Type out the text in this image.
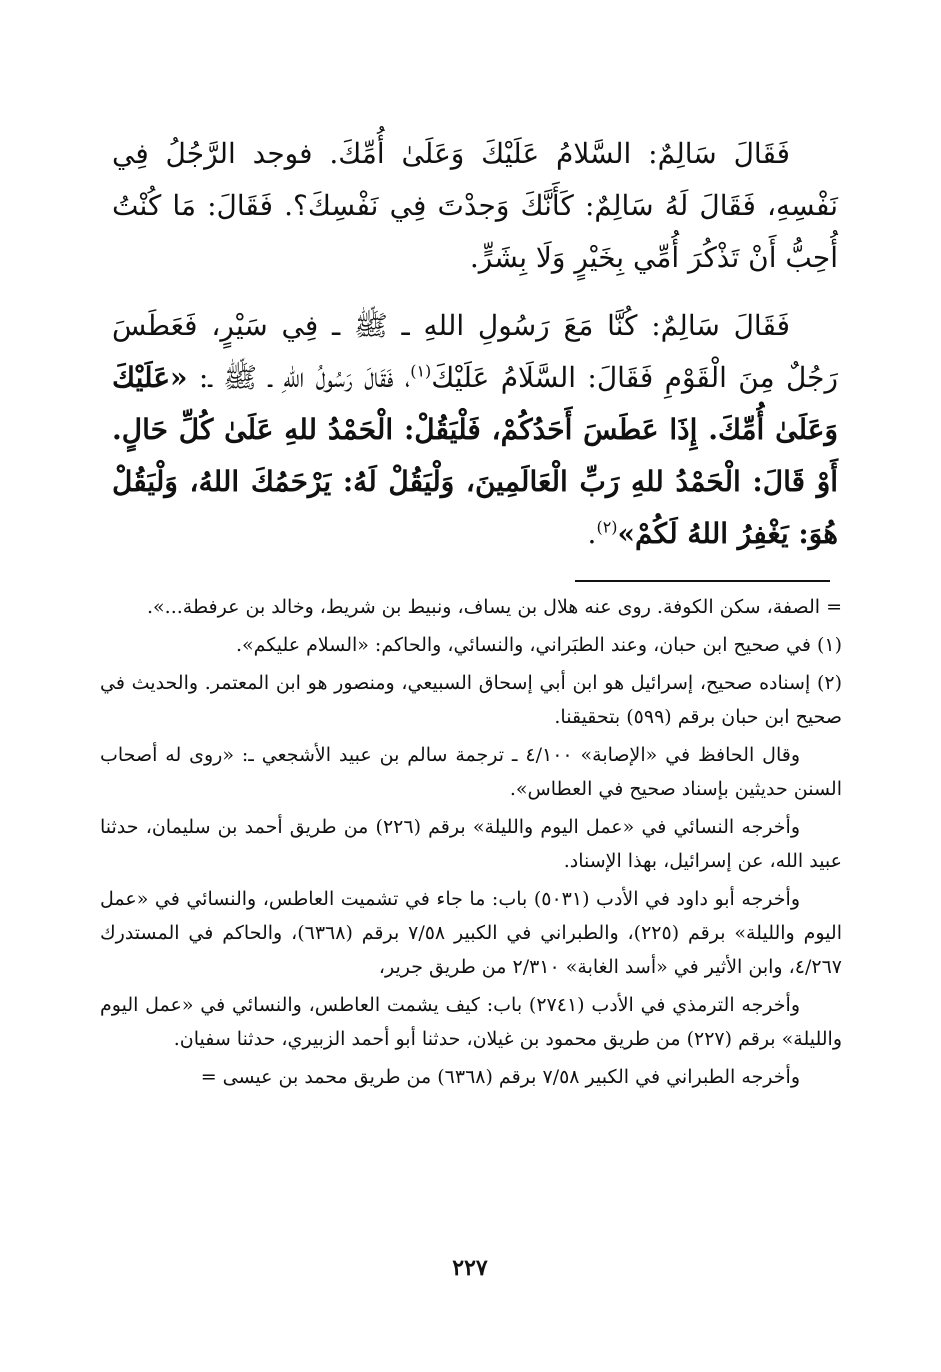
فَقَالَ سَالِمٌ: السَّلامُ عَلَيْكَ وَعَلَىٰ أُمِّكَ. فوجد الرَّجُلُ فِي نَفْسِهِ، فَقَالَ لَهُ سَالِمٌ: كَأَنَّكَ وَجدْتَ فِي نَفْسِكَ؟. فَقَالَ: مَا كُنْتُ أُحِبُّ أَنْ تَذْكُرَ أُمِّي بِخَيْرٍ وَلَا بِشَرٍّ.

فَقَالَ سَالِمٌ: كُنَّا مَعَ رَسُولِ اللهِ ـ ﷺ ـ فِي سَيْرٍ، فَعَطَسَ رَجُلٌ مِنَ الْقَوْمِ فَقَالَ: السَّلَامُ عَلَيْكَ$^{(١)}$، فَقَالَ رَسُولُ اللهِ ـ ﷺ ـ: «عَلَيْكَ وَعَلَىٰ أُمِّكَ. إِذَا عَطَسَ أَحَدُكُمْ، فَلْيَقُلْ: الْحَمْدُ للهِ عَلَىٰ كُلِّ حَالٍ. أَوْ قَالَ: الْحَمْدُ للهِ رَبِّ الْعَالَمِينَ، وَلْيَقُلْ لَهُ: يَرْحَمُكَ اللهُ، وَلْيَقُلْ هُوَ: يَغْفِرُ اللهُ لَكُمْ»$^{(٢)}$.

= الصفة، سكن الكوفة. روى عنه هلال بن يساف، ونبيط بن شريط، وخالد بن عرفطة...».

(١) في صحيح ابن حبان، وعند الطبَراني، والنسائي، والحاكم: «السلام عليكم».

(٢) إسناده صحيح، إسرائيل هو ابن أبي إسحاق السبيعي، ومنصور هو ابن المعتمر. والحديث في صحيح ابن حبان برقم (٥٩٩) بتحقيقنا.

وقال الحافظ في «الإصابة» ٤/١٠٠ ـ ترجمة سالم بن عبيد الأشجعي ـ: «روى له أصحاب السنن حديثين بإسناد صحيح في العطاس».

وأخرجه النسائي في «عمل اليوم والليلة» برقم (٢٢٦) من طريق أحمد بن سليمان، حدثنا عبيد الله، عن إسرائيل، بهذا الإسناد.

وأخرجه أبو داود في الأدب (٥٠٣١) باب: ما جاء في تشميت العاطس، والنسائي في «عمل اليوم والليلة» برقم (٢٢٥)، والطبراني في الكبير ٧/٥٨ برقم (٦٣٦٨)، والحاكم في المستدرك ٤/٢٦٧، وابن الأثير في «أسد الغابة» ٢/٣١٠ من طريق جرير،

وأخرجه الترمذي في الأدب (٢٧٤١) باب: كيف يشمت العاطس، والنسائي في «عمل اليوم والليلة» برقم (٢٢٧) من طريق محمود بن غيلان، حدثنا أبو أحمد الزبيري، حدثنا سفيان.

وأخرجه الطبراني في الكبير ٧/٥٨ برقم (٦٣٦٨) من طريق محمد بن عيسى =

٢٢٧
